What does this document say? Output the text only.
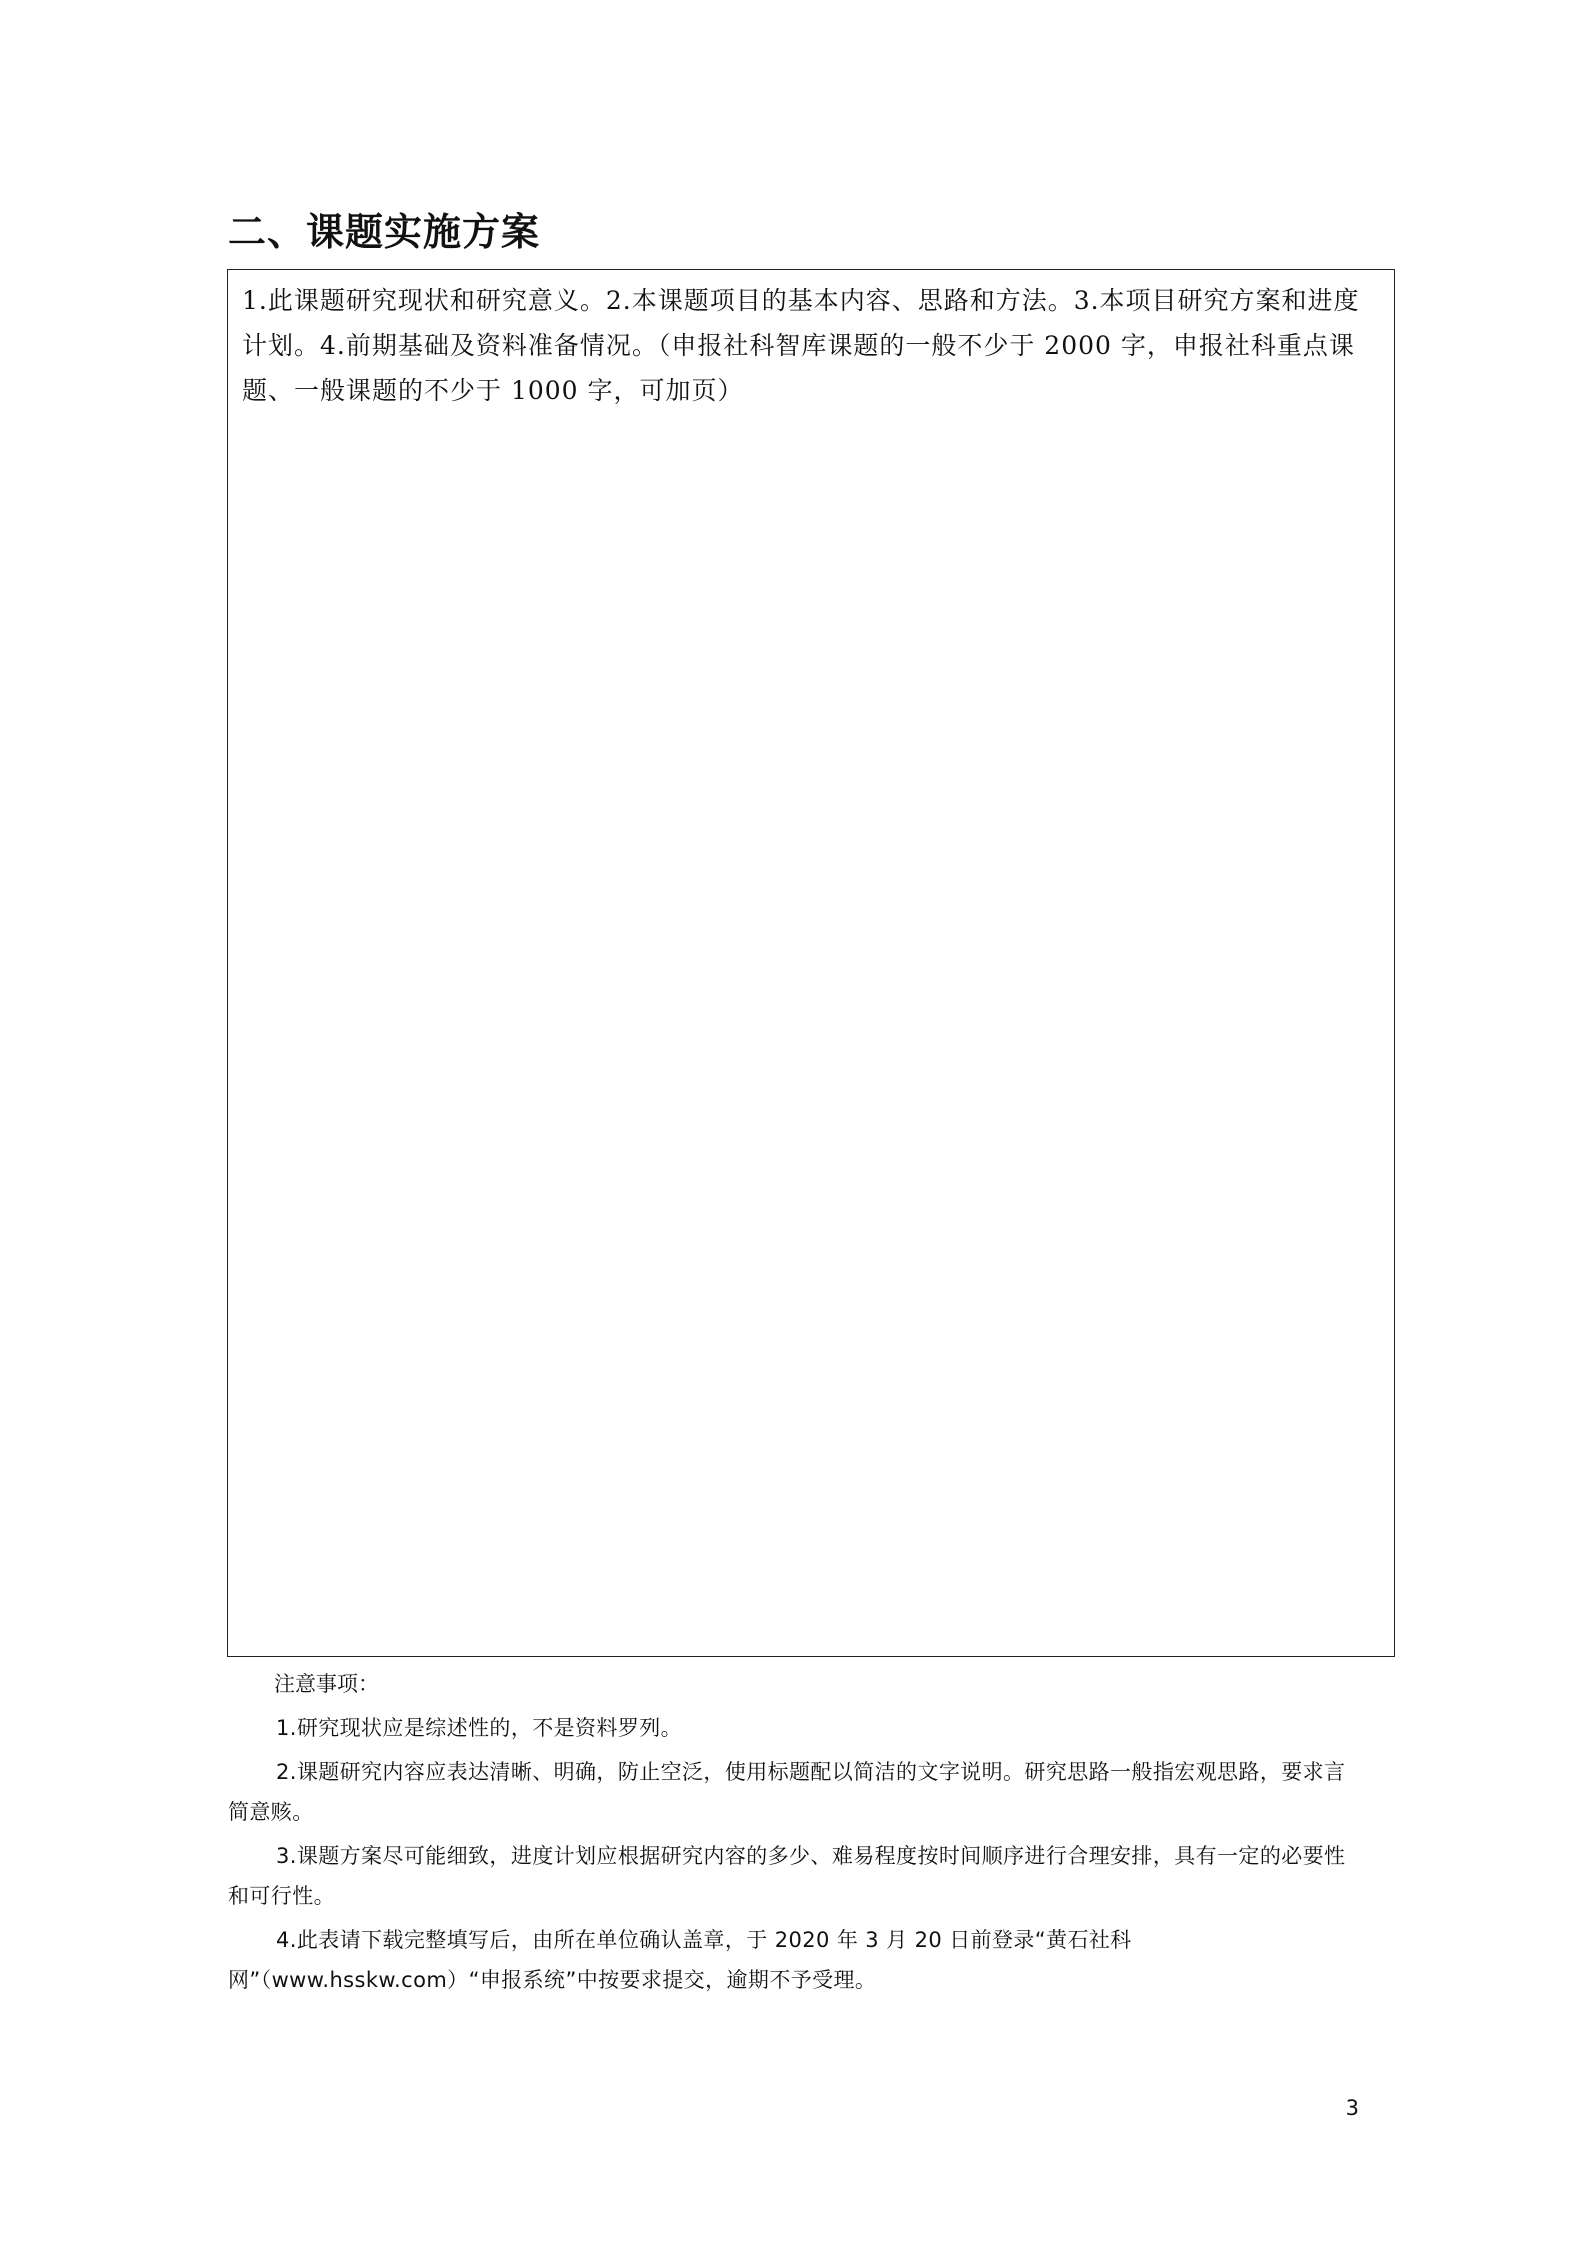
二、课题实施方案
1.此课题研究现状和研究意义。2.本课题项目的基本内容、思路和方法。3.本项目研究方案和进度计划。4.前期基础及资料准备情况。（申报社科智库课题的一般不少于 2000 字，申报社科重点课题、一般课题的不少于 1000 字，可加页）
注意事项：
1.研究现状应是综述性的，不是资料罗列。
2.课题研究内容应表达清晰、明确，防止空泛，使用标题配以简洁的文字说明。研究思路一般指宏观思路，要求言简意赅。
3.课题方案尽可能细致，进度计划应根据研究内容的多少、难易程度按时间顺序进行合理安排，具有一定的必要性和可行性。
4.此表请下载完整填写后，由所在单位确认盖章，于 2020 年 3 月 20 日前登录“黄石社科网”（www.hsskw.com）“申报系统”中按要求提交，逾期不予受理。
3
